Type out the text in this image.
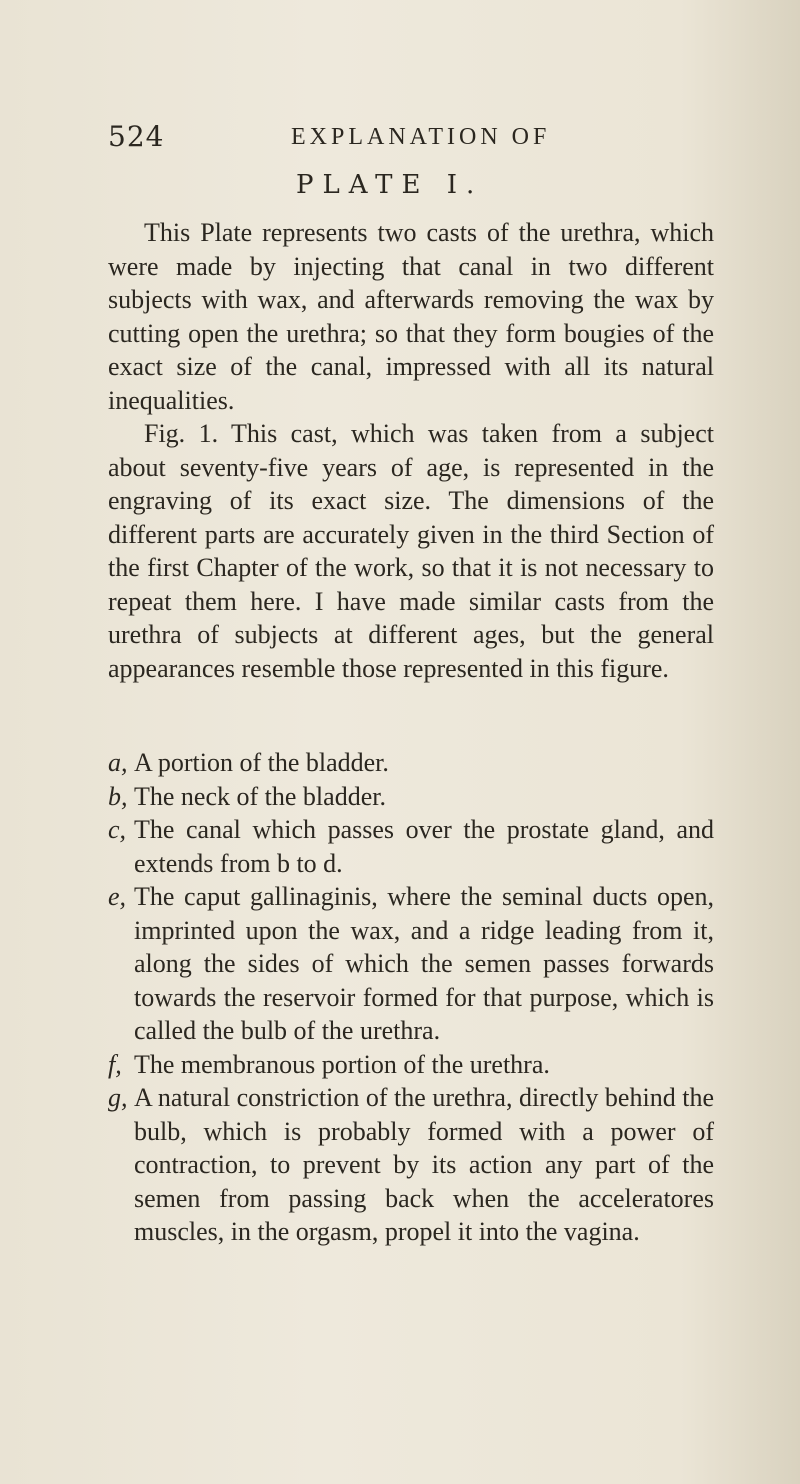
524	EXPLANATION OF
PLATE I.

This Plate represents two casts of the urethra, which were made by injecting that canal in two different subjects with wax, and afterwards removing the wax by cutting open the urethra; so that they form bougies of the exact size of the canal, impressed with all its natural inequalities.

Fig. 1. This cast, which was taken from a subject about seventy-five years of age, is represented in the engraving of its exact size. The dimensions of the different parts are accurately given in the third Section of the first Chapter of the work, so that it is not necessary to repeat them here. I have made similar casts from the urethra of subjects at different ages, but the general appearances resemble those represented in this figure.

a, A portion of the bladder.
b, The neck of the bladder.
c, The canal which passes over the prostate gland, and extends from b to d.
e, The caput gallinaginis, where the seminal ducts open, imprinted upon the wax, and a ridge leading from it, along the sides of which the semen passes forwards towards the reservoir formed for that purpose, which is called the bulb of the urethra.
f, The membranous portion of the urethra.
g, A natural constriction of the urethra, directly behind the bulb, which is probably formed with a power of contraction, to prevent by its action any part of the semen from passing back when the acceleratores muscles, in the orgasm, propel it into the vagina.
